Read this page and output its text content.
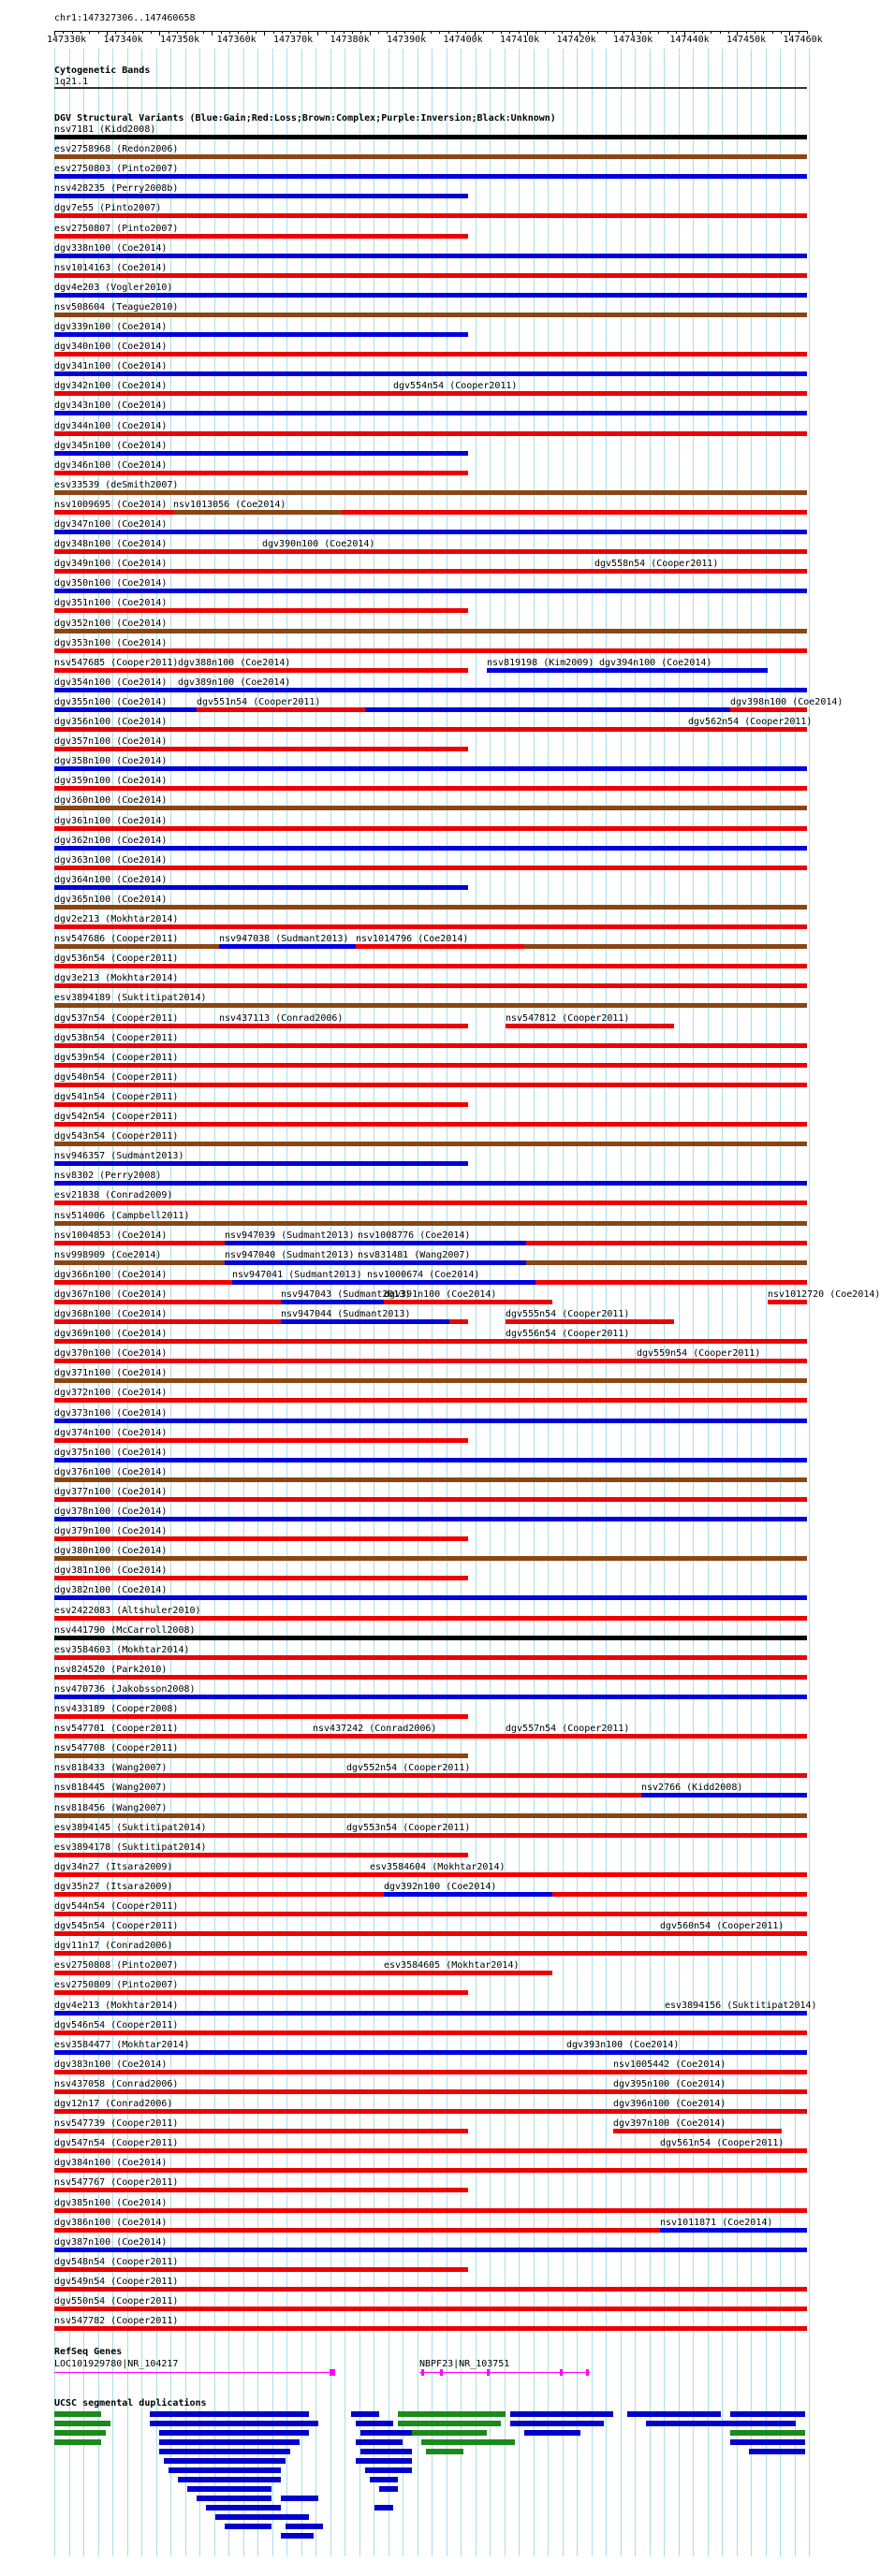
chr1:147327306..147460658
147330k 147340k 147350k 147360k 147370k 147380k 147390k 147400k 147410k 147420k 147430k 147440k 147450k 147460k
Cytogenetic Bands
1q21.1
DGV Structural Variants (Blue:Gain;Red:Loss;Brown:Complex;Purple:Inversion;Black:Unknown)
nsv7181 (Kidd2008)
esv2758968 (Redon2006)
esv2750803 (Pinto2007)
nsv428235 (Perry2008b)
dgv7e55 (Pinto2007)
esv2750807 (Pinto2007)
dgv338n100 (Coe2014)
nsv1014163 (Coe2014)
dgv4e203 (Vogler2010)
nsv508604 (Teague2010)
dgv339n100 (Coe2014)
dgv340n100 (Coe2014)
dgv341n100 (Coe2014)
dgv342n100 (Coe2014)
dgv343n100 (Coe2014)
dgv344n100 (Coe2014)
dgv345n100 (Coe2014)
dgv346n100 (Coe2014)
esv33539 (deSmith2007)
nsv1009695 (Coe2014)
dgv347n100 (Coe2014)
dgv348n100 (Coe2014)
dgv349n100 (Coe2014)
dgv350n100 (Coe2014)
dgv351n100 (Coe2014)
dgv352n100 (Coe2014)
dgv353n100 (Coe2014)
nsv547685 (Cooper2011)
dgv354n100 (Coe2014)
dgv355n100 (Coe2014)
dgv356n100 (Coe2014)
dgv357n100 (Coe2014)
dgv358n100 (Coe2014)
dgv359n100 (Coe2014)
dgv360n100 (Coe2014)
dgv361n100 (Coe2014)
dgv362n100 (Coe2014)
dgv363n100 (Coe2014)
dgv364n100 (Coe2014)
dgv365n100 (Coe2014)
dgv2e213 (Mokhtar2014)
nsv547686 (Cooper2011)
dgv536n54 (Cooper2011)
dgv3e213 (Mokhtar2014)
esv3894189 (Suktitipat2014)
dgv537n54 (Cooper2011)
dgv538n54 (Cooper2011)
dgv539n54 (Cooper2011)
dgv540n54 (Cooper2011)
dgv541n54 (Cooper2011)
dgv542n54 (Cooper2011)
dgv543n54 (Cooper2011)
nsv946357 (Sudmant2013)
nsv8302 (Perry2008)
esv21838 (Conrad2009)
nsv514006 (Campbell2011)
nsv1004853 (Coe2014)
nsv998909 (Coe2014)
dgv366n100 (Coe2014)
dgv367n100 (Coe2014)
dgv368n100 (Coe2014)
dgv369n100 (Coe2014)
dgv370n100 (Coe2014)
dgv371n100 (Coe2014)
dgv372n100 (Coe2014)
dgv373n100 (Coe2014)
dgv374n100 (Coe2014)
dgv375n100 (Coe2014)
dgv376n100 (Coe2014)
dgv377n100 (Coe2014)
dgv378n100 (Coe2014)
dgv379n100 (Coe2014)
dgv380n100 (Coe2014)
dgv381n100 (Coe2014)
dgv382n100 (Coe2014)
esv2422083 (Altshuler2010)
nsv441790 (McCarroll2008)
esv3584603 (Mokhtar2014)
nsv824520 (Park2010)
nsv470736 (Jakobsson2008)
nsv433189 (Cooper2008)
nsv547701 (Cooper2011)
nsv547708 (Cooper2011)
nsv818433 (Wang2007)
nsv818445 (Wang2007)
nsv818456 (Wang2007)
esv3894145 (Suktitipat2014)
esv3894178 (Suktitipat2014)
dgv34n27 (Itsara2009)
dgv35n27 (Itsara2009)
dgv544n54 (Cooper2011)
dgv545n54 (Cooper2011)
dgv11n17 (Conrad2006)
esv2750808 (Pinto2007)
esv2750809 (Pinto2007)
dgv4e213 (Mokhtar2014)
dgv546n54 (Cooper2011)
esv3584477 (Mokhtar2014)
dgv383n100 (Coe2014)
nsv437058 (Conrad2006)
dgv12n17 (Conrad2006)
nsv547739 (Cooper2011)
dgv547n54 (Cooper2011)
dgv384n100 (Coe2014)
nsv547767 (Cooper2011)
dgv385n100 (Coe2014)
dgv386n100 (Coe2014)
dgv387n100 (Coe2014)
dgv548n54 (Cooper2011)
dgv549n54 (Cooper2011)
dgv550n54 (Cooper2011)
nsv547782 (Cooper2011)
dgv554n54 (Cooper2011)
nsv1013056 (Coe2014)
dgv390n100 (Coe2014)
dgv558n54 (Cooper2011)
dgv388n100 (Coe2014)	nsv819198 (Kim2009) dgv394n100 (Coe2014)
dgv389n100 (Coe2014)
dgv551n54 (Cooper2011)	dgv398n100 (Coe2014)
dgv562n54 (Cooper2011)
nsv947038 (Sudmant2013) nsv1014796 (Coe2014)
nsv437113 (Conrad2006)	nsv547812 (Cooper2011)
nsv947039 (Sudmant2013) nsv1008776 (Coe2014)
nsv947040 (Sudmant2013) nsv831481 (Wang2007)
nsv947041 (Sudmant2013) nsv1000674 (Coe2014)
nsv947043 (Sudmant2013)
dgv391n100 (Coe2014)	nsv1012720 (Coe2014)
nsv947044 (Sudmant2013)	dgv555n54 (Cooper2011)
dgv556n54 (Cooper2011)
dgv559n54 (Cooper2011)
nsv437242 (Conrad2006)	dgv557n54 (Cooper2011)
dgv552n54 (Cooper2011)
nsv2766 (Kidd2008)
dgv553n54 (Cooper2011)
esv3584604 (Mokhtar2014)
dgv392n100 (Coe2014)
dgv560n54 (Cooper2011)
esv3584605 (Mokhtar2014)
esv3894156 (Suktitipat2014)
dgv393n100 (Coe2014)
nsv1005442 (Coe2014)
dgv395n100 (Coe2014)
dgv396n100 (Coe2014)
dgv397n100 (Coe2014)
dgv561n54 (Cooper2011)
nsv1011871 (Coe2014)
RefSeq Genes
LOC101929780|NR_104217	NBPF23|NR_103751
UCSC segmental duplications
